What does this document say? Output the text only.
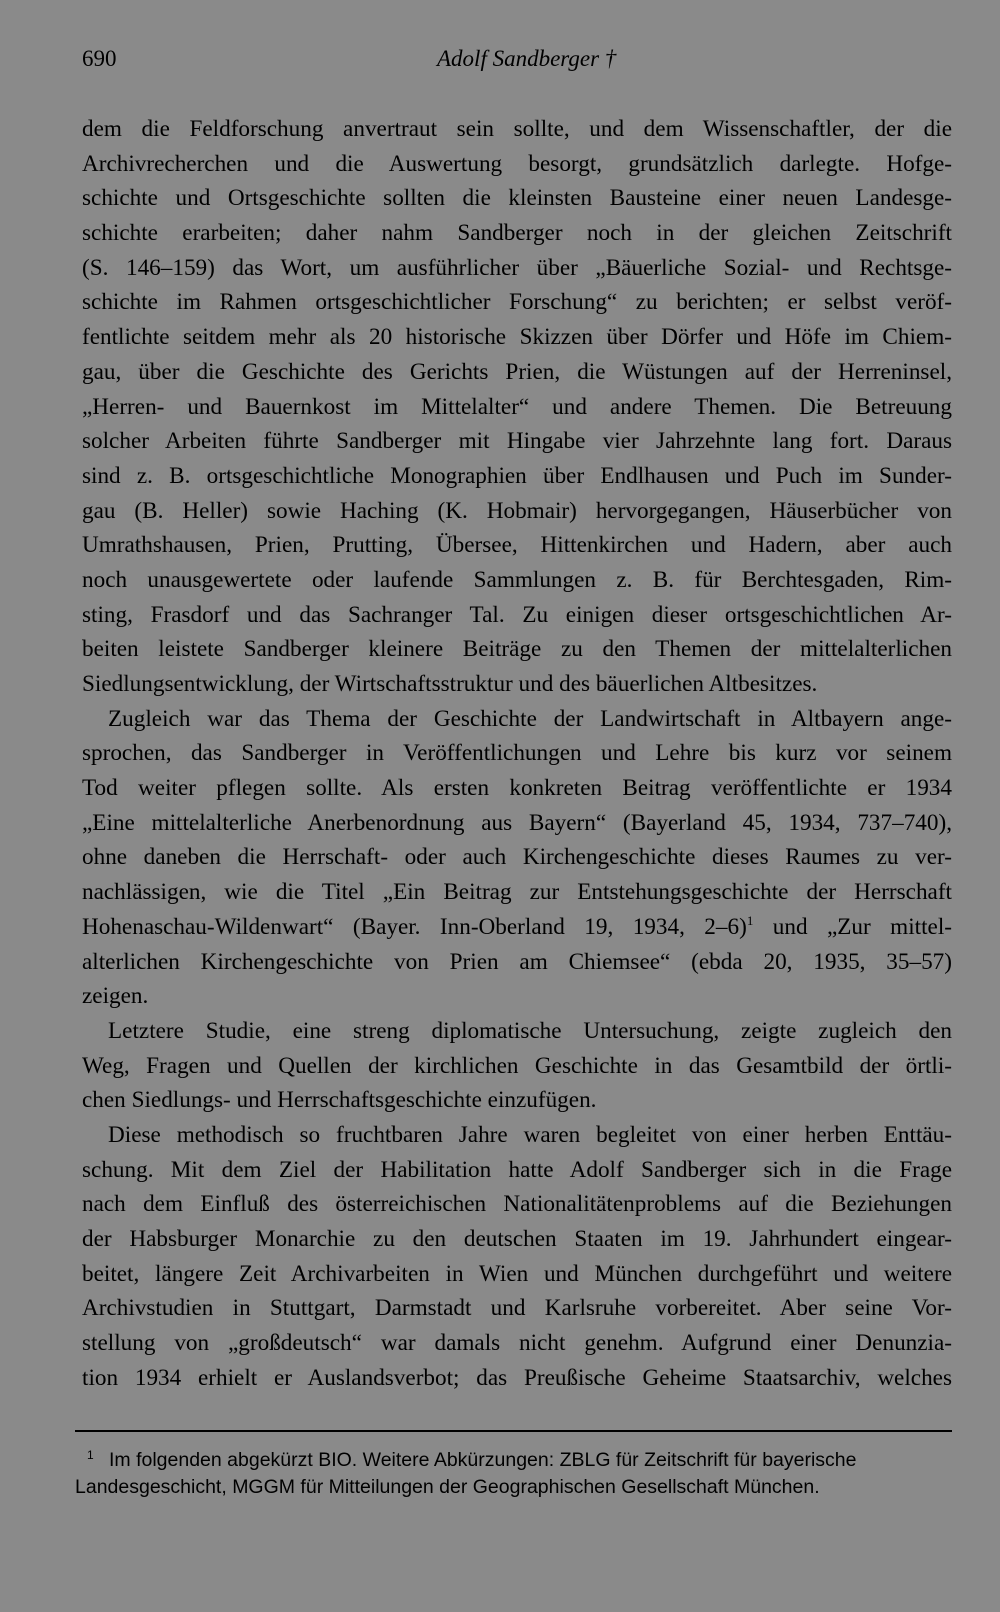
690	Adolf Sandberger †

dem die Feldforschung anvertraut sein sollte, und dem Wissenschaftler, der die
Archivrecherchen und die Auswertung besorgt, grundsätzlich darlegte. Hofge-
schichte und Ortsgeschichte sollten die kleinsten Bausteine einer neuen Landesge-
schichte erarbeiten; daher nahm Sandberger noch in der gleichen Zeitschrift
(S. 146–159) das Wort, um ausführlicher über „Bäuerliche Sozial- und Rechtsge-
schichte im Rahmen ortsgeschichtlicher Forschung“ zu berichten; er selbst veröf-
fentlichte seitdem mehr als 20 historische Skizzen über Dörfer und Höfe im Chiem-
gau, über die Geschichte des Gerichts Prien, die Wüstungen auf der Herreninsel,
„Herren- und Bauernkost im Mittelalter“ und andere Themen. Die Betreuung
solcher Arbeiten führte Sandberger mit Hingabe vier Jahrzehnte lang fort. Daraus
sind z. B. ortsgeschichtliche Monographien über Endlhausen und Puch im Sunder-
gau (B. Heller) sowie Haching (K. Hobmair) hervorgegangen, Häuserbücher von
Umrathshausen, Prien, Prutting, Übersee, Hittenkirchen und Hadern, aber auch
noch unausgewertete oder laufende Sammlungen z. B. für Berchtesgaden, Rim-
sting, Frasdorf und das Sachranger Tal. Zu einigen dieser ortsgeschichtlichen Ar-
beiten leistete Sandberger kleinere Beiträge zu den Themen der mittelalterlichen
Siedlungsentwicklung, der Wirtschaftsstruktur und des bäuerlichen Altbesitzes.

Zugleich war das Thema der Geschichte der Landwirtschaft in Altbayern ange-
sprochen, das Sandberger in Veröffentlichungen und Lehre bis kurz vor seinem
Tod weiter pflegen sollte. Als ersten konkreten Beitrag veröffentlichte er 1934
„Eine mittelalterliche Anerbenordnung aus Bayern“ (Bayerland 45, 1934, 737–740),
ohne daneben die Herrschaft- oder auch Kirchengeschichte dieses Raumes zu ver-
nachlässigen, wie die Titel „Ein Beitrag zur Entstehungsgeschichte der Herrschaft
Hohenaschau-Wildenwart“ (Bayer. Inn-Oberland 19, 1934, 2–6)$^1$ und „Zur mittel-
alterlichen Kirchengeschichte von Prien am Chiemsee“ (ebda 20, 1935, 35–57)
zeigen.

Letztere Studie, eine streng diplomatische Untersuchung, zeigte zugleich den
Weg, Fragen und Quellen der kirchlichen Geschichte in das Gesamtbild der örtli-
chen Siedlungs- und Herrschaftsgeschichte einzufügen.

Diese methodisch so fruchtbaren Jahre waren begleitet von einer herben Enttäu-
schung. Mit dem Ziel der Habilitation hatte Adolf Sandberger sich in die Frage
nach dem Einfluß des österreichischen Nationalitätenproblems auf die Beziehungen
der Habsburger Monarchie zu den deutschen Staaten im 19. Jahrhundert eingear-
beitet, längere Zeit Archivarbeiten in Wien und München durchgeführt und weitere
Archivstudien in Stuttgart, Darmstadt und Karlsruhe vorbereitet. Aber seine Vor-
stellung von „großdeutsch“ war damals nicht genehm. Aufgrund einer Denunzia-
tion 1934 erhielt er Auslandsverbot; das Preußische Geheime Staatsarchiv, welches

1 Im folgenden abgekürzt BIO. Weitere Abkürzungen: ZBLG für Zeitschrift für bayerische
Landesgeschicht, MGGM für Mitteilungen der Geographischen Gesellschaft München.
